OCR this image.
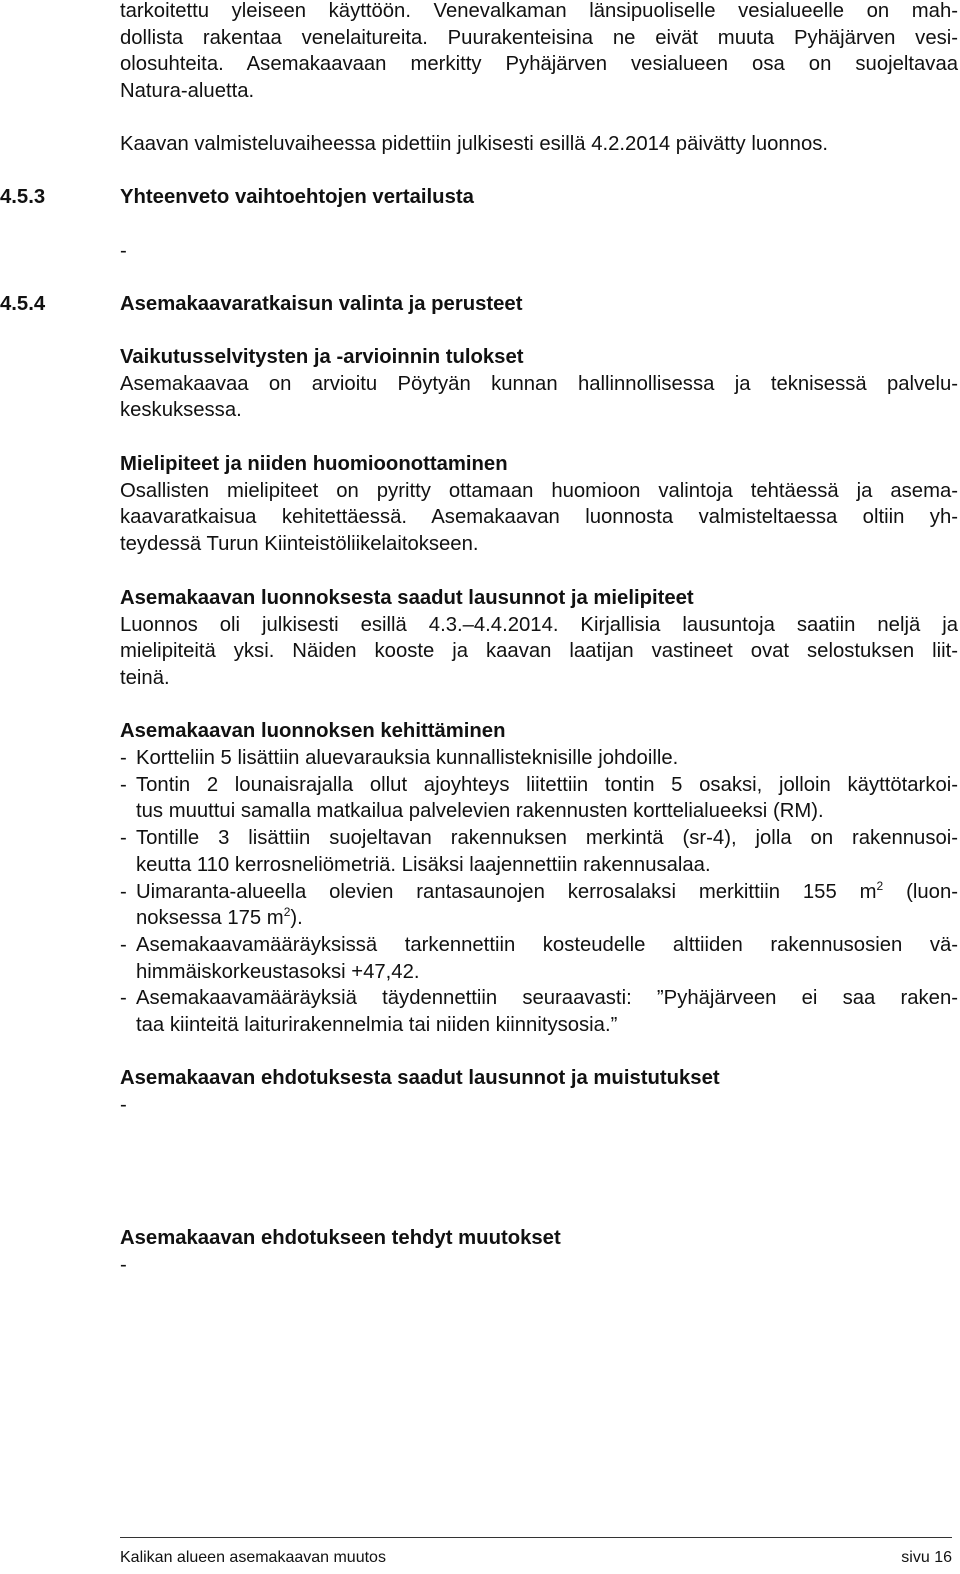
tarkoitettu yleiseen käyttöön. Venevalkaman länsipuoliselle vesialueelle on mah-
dollista rakentaa venelaitureita. Puurakenteisina ne eivät muuta Pyhäjärven vesi-
olosuhteita. Asemakaavaan merkitty Pyhäjärven vesialueen osa on suojeltavaa
Natura-aluetta.
Kaavan valmisteluvaiheessa pidettiin julkisesti esillä 4.2.2014 päivätty luonnos.
4.5.3	Yhteenveto vaihtoehtojen vertailusta
-
4.5.4	Asemakaavaratkaisun valinta ja perusteet
Vaikutusselvitysten ja -arvioinnin tulokset
Asemakaavaa on arvioitu Pöytyän kunnan hallinnollisessa ja teknisessä palvelu-
keskuksessa.
Mielipiteet ja niiden huomioonottaminen
Osallisten mielipiteet on pyritty ottamaan huomioon valintoja tehtäessä ja asema-
kaavaratkaisua kehitettäessä. Asemakaavan luonnosta valmisteltaessa oltiin yh-
teydessä Turun Kiinteistöliikelaitokseen.
Asemakaavan luonnoksesta saadut lausunnot ja mielipiteet
Luonnos oli julkisesti esillä 4.3.–4.4.2014. Kirjallisia lausuntoja saatiin neljä ja
mielipiteitä yksi. Näiden kooste ja kaavan laatijan vastineet ovat selostuksen liit-
teinä.
Asemakaavan luonnoksen kehittäminen
- Kortteliin 5 lisättiin aluevarauksia kunnallisteknisille johdoille.
- Tontin 2 lounaisrajalla ollut ajoyhteys liitettiin tontin 5 osaksi, jolloin käyttötarkoi-
tus muuttui samalla matkailua palvelevien rakennusten korttelialueeksi (RM).
- Tontille 3 lisättiin suojeltavan rakennuksen merkintä (sr-4), jolla on rakennusoi-
keutta 110 kerrosneliömetriä. Lisäksi laajennettiin rakennusalaa.
- Uimaranta-alueella olevien rantasaunojen kerrosalaksi merkittiin 155 $m^2$ (luon-
noksessa 175 $m^2$).
- Asemakaavamääräyksissä tarkennettiin kosteudelle alttiiden rakennusosien vä-
himmäiskorkeustasoksi +47,42.
- Asemakaavamääräyksiä täydennettiin seuraavasti: ”Pyhäjärveen ei saa raken-
taa kiinteitä laiturirakennelmia tai niiden kiinnitysosia.”
Asemakaavan ehdotuksesta saadut lausunnot ja muistutukset
-
Asemakaavan ehdotukseen tehdyt muutokset
-
Kalikan alueen asemakaavan muutos	sivu 16
